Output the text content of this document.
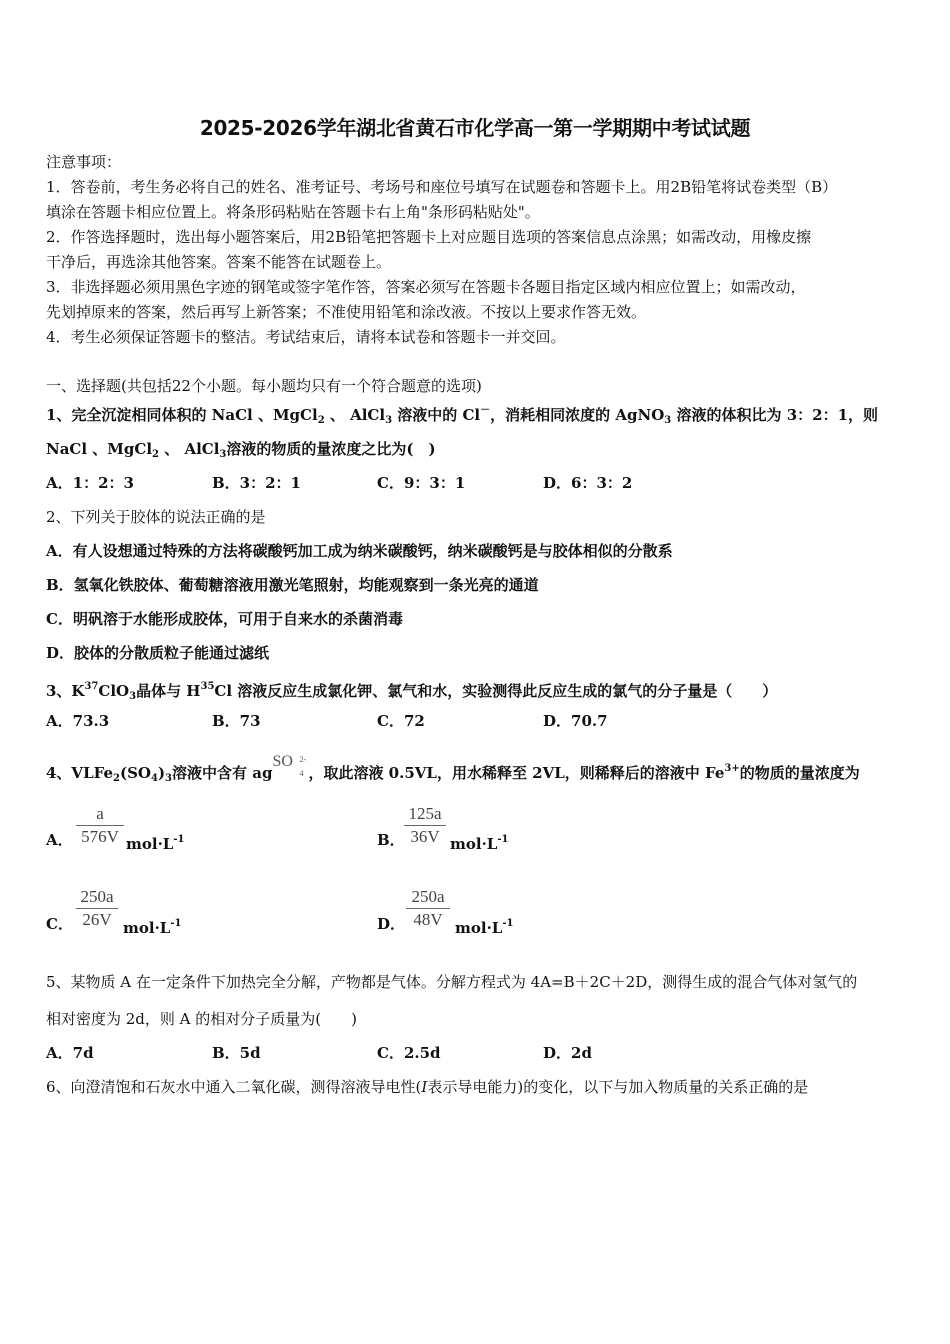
2025-2026学年湖北省黄石市化学高一第一学期期中考试试题
注意事项：
1．答卷前，考生务必将自己的姓名、准考证号、考场号和座位号填写在试题卷和答题卡上。用2B铅笔将试卷类型（B）
填涂在答题卡相应位置上。将条形码粘贴在答题卡右上角"条形码粘贴处"。
2．作答选择题时，选出每小题答案后，用2B铅笔把答题卡上对应题目选项的答案信息点涂黑；如需改动，用橡皮擦
干净后，再选涂其他答案。答案不能答在试题卷上。
3．非选择题必须用黑色字迹的钢笔或签字笔作答，答案必须写在答题卡各题目指定区域内相应位置上；如需改动，
先划掉原来的答案，然后再写上新答案；不准使用铅笔和涂改液。不按以上要求作答无效。
4．考生必须保证答题卡的整洁。考试结束后，请将本试卷和答题卡一并交回。
一、选择题(共包括22个小题。每小题均只有一个符合题意的选项)
1、完全沉淀相同体积的 NaCl 、MgCl$_2$ 、 AlCl$_3$ 溶液中的 Cl－，消耗相同浓度的 AgNO$_3$ 溶液的体积比为 3：2：1，则
NaCl 、MgCl$_2$ 、 AlCl$_3$溶液的物质的量浓度之比为(　)
A．1：2：3	B．3：2：1	C．9：3：1	D．6：3：2
2、下列关于胶体的说法正确的是
A．有人设想通过特殊的方法将碳酸钙加工成为纳米碳酸钙，纳米碳酸钙是与胶体相似的分散系
B．氢氧化铁胶体、葡萄糖溶液用激光笔照射，均能观察到一条光亮的通道
C．明矾溶于水能形成胶体，可用于自来水的杀菌消毒
D．胶体的分散质粒子能通过滤纸
3、$K^{37}ClO_3$晶体与 $H^{35}Cl$ 溶液反应生成氯化钾、氯气和水，实验测得此反应生成的氯气的分子量是（　　）
A．73.3	B．73	C．72	D．70.7
4、$VLFe_2(SO_4)_3$溶液中含有 ag
SO 2-
4 ，取此溶液 0.5VL，用水稀释至 2VL，则稀释后的溶液中 $Fe^{3+}$的物质的量浓度为
A．
a
576V $mol\cdot L^{-1}$	B．
125a
36V $mol\cdot L^{-1}$
C．
250a
26V $mol\cdot L^{-1}$	D．
250a
48V $mol\cdot L^{-1}$
5、某物质 A 在一定条件下加热完全分解，产物都是气体。分解方程式为 4A=B＋2C＋2D，测得生成的混合气体对氢气的
相对密度为 2d，则 A 的相对分子质量为(　　)
A．7d	B．5d	C．2.5d	D．2d
6、向澄清饱和石灰水中通入二氧化碳，测得溶液导电性(I表示导电能力)的变化，以下与加入物质量的关系正确的是
